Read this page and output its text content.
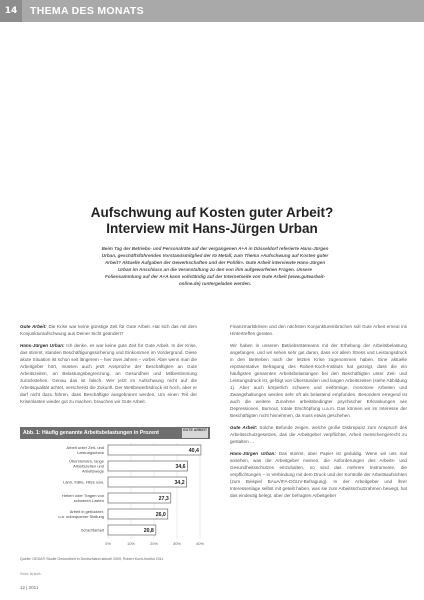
14	THEMA DES MONATS
Aufschwung auf Kosten guter Arbeit?
Interview mit Hans-Jürgen Urban
Beim Tag der Betriebs- und Personalräte auf der vergangenen A+A in Düsseldorf referierte Hans-Jürgen Urban, geschäftsführendes Vorstandsmitglied der IG Metall, zum Thema »Aufschwung auf Kosten guter Arbeit? Aktuelle Aufgaben der Gewerkschaften und der Politik«. Gute Arbeit interviewte Hans-Jürgen Urban im Anschluss an die Veranstaltung zu den von ihm aufgeworfenen Fragen. Unsere Foliensammlung auf der A+A kann vollständig auf der Internetseite von Gute Arbeit (www.gutearbeit-online.de) runtergeladen werden.

Gute Arbeit: Die Krise war keine günstige Zeit für Gute Arbeit. Hat sich das mit dem Konjunkturaufschwung aus Deiner Sicht geändert?

Hans-Jürgen Urban: Ich denke, es war keine gute Zeit für Gute Arbeit. In der Krise, das stimmt, standen Beschäftigungssicherung und Einkommen im Vordergrund. Diese akute Situation ist schon seit längerem – hier zwei Jahren – vorbei. Aber wenn man die Arbeitgeber hört, müssen auch jetzt Ansprüche der Beschäftigten an Gute Arbeitszeiten, an Belastungsbegrenzung, an Gesundheit und Mitbestimmung zurückstehen. Genau das ist falsch. Wer jetzt im Aufschwung nicht auf die Arbeitsqualität achtet, verschenkt die Zukunft. Der Wettbewerbsdruck ist hoch, aber er darf nicht dazu führen, dass Beschäftigte ausgebrannt werden. Um einen Teil der Krisenlasten wieder gut zu machen, brauchen wir Gute Arbeit.

Finanzmarktkrisen und den nächsten Konjunktureinbrüchen soll Gute Arbeit erneut ins Hintertreffen geraten.

Wir haben in unseren Betriebsräteteams mit der Erhebung der Arbeitsbelastung angefangen, und wir sehen sehr gut daran, dass vor allem Stress und Leistungsdruck in den Betrieben nach der letzten Krise zugenommen haben. Eine aktuelle repräsentative Befragung des Robert-Koch-Instituts hat gezeigt, dass die ein häufigsten genannten Arbeitsbelastungen bei den Beschäftigten unter Zeit- und Leistungsdruck ist, gefolgt von Überstunden und langen Arbeitszeiten (siehe Abbildung 1). Aber auch körperlich schwere und einförmige, monotone Arbeiten und Zwangshaltungen werden sehr oft als belastend empfunden. Besonders erregend ist auch die weitere Zunahme arbeitsbedingter psychischer Erkrankungen wie Depressionen, Burnout, totale Erschöpfung u.a.m. Das können wir im Interesse der Beschäftigten nicht hinnehmen, da muss etwas geschehen.

Gute Arbeit: Solche Befunde zeigen, welche große Diskrepanz zum Anspruch des Arbeitsschutzgesetzes, das die Arbeitgeber verpflichtet, Arbeit menschengerecht zu gestalten …

Hans-Jürgen Urban: Das stimmt, aber Papier ist geduldig. Wenn wir uns mal ansehen, was die Arbeitgeber meinen, die Anforderungen des Arbeits- und Gesundheitsschutzes einzuhalten, so sind das mehrere Instrumente, die verpflichtungen – in Verbindung mit dem Druck und der Kontrolle der Arbeitsaufsichten (zum Beispiel BAuA/IFA-DGUV-Befragung). In der Arbeitgeber und ihrer Interessenlage selbst mit geteilt haben, was sie zum Arbeitsschutzrahmen bewegt, hat das eindeutig belegt, aber der befragten Arbeitgeber

Abb. 1: Häufig genannte Arbeitsbelastungen in Prozent	GUTE ARBEIT
0%	10%	20%	30%	40%
Arbeit unter Zeit- und Leistungsdruck	40,4
Überstunden, lange Arbeitszeiten und Arbeitswege
34,6
Lärm, Kälte, Hitze usw.	34,2
Heben oder Tragen von schweren Lasten	27,3
Arbeit in gebückter, u.a. unbequemer Stellung	26,0
Schichtarbeit	20,8
Quelle: GEDA® Studie Gesundheit in Deutschland aktuell 2009, Robert Koch-Institut 2011
Gute Arbeit.
12 | 2011
